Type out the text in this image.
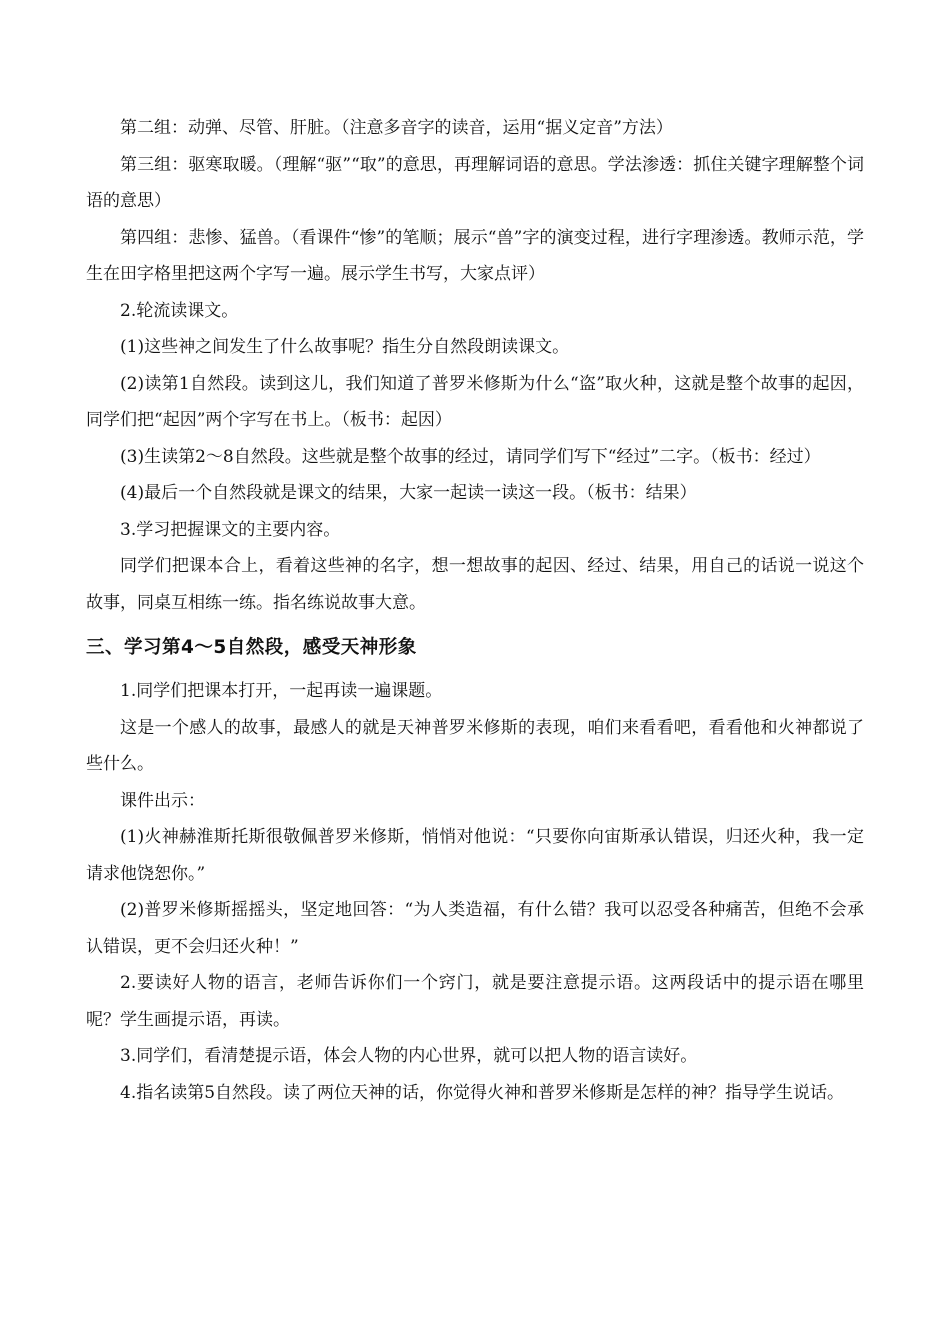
第二组：动弹、尽管、肝脏。（注意多音字的读音，运用“据义定音”方法）

第三组：驱寒取暖。（理解“驱”“取”的意思，再理解词语的意思。学法渗透：抓住关键字理解整个词语的意思）

第四组：悲惨、猛兽。（看课件“惨”的笔顺；展示“兽”字的演变过程，进行字理渗透。教师示范，学生在田字格里把这两个字写一遍。展示学生书写，大家点评）

2.轮流读课文。

(1)这些神之间发生了什么故事呢？指生分自然段朗读课文。

(2)读第1自然段。读到这儿，我们知道了普罗米修斯为什么“盗”取火种，这就是整个故事的起因，同学们把“起因”两个字写在书上。（板书：起因）

(3)生读第2～8自然段。这些就是整个故事的经过，请同学们写下“经过”二字。（板书：经过）

(4)最后一个自然段就是课文的结果，大家一起读一读这一段。（板书：结果）

3.学习把握课文的主要内容。

同学们把课本合上，看着这些神的名字，想一想故事的起因、经过、结果，用自己的话说一说这个故事，同桌互相练一练。指名练说故事大意。

三、学习第4～5自然段，感受天神形象

1.同学们把课本打开，一起再读一遍课题。

这是一个感人的故事，最感人的就是天神普罗米修斯的表现，咱们来看看吧，看看他和火神都说了些什么。

课件出示：

(1)火神赫淮斯托斯很敬佩普罗米修斯，悄悄对他说：“只要你向宙斯承认错误，归还火种，我一定请求他饶恕你。”

(2)普罗米修斯摇摇头，坚定地回答：“为人类造福，有什么错？我可以忍受各种痛苦，但绝不会承认错误，更不会归还火种！”

2.要读好人物的语言，老师告诉你们一个窍门，就是要注意提示语。这两段话中的提示语在哪里呢？学生画提示语，再读。

3.同学们，看清楚提示语，体会人物的内心世界，就可以把人物的语言读好。

4.指名读第5自然段。读了两位天神的话，你觉得火神和普罗米修斯是怎样的神？指导学生说话。
